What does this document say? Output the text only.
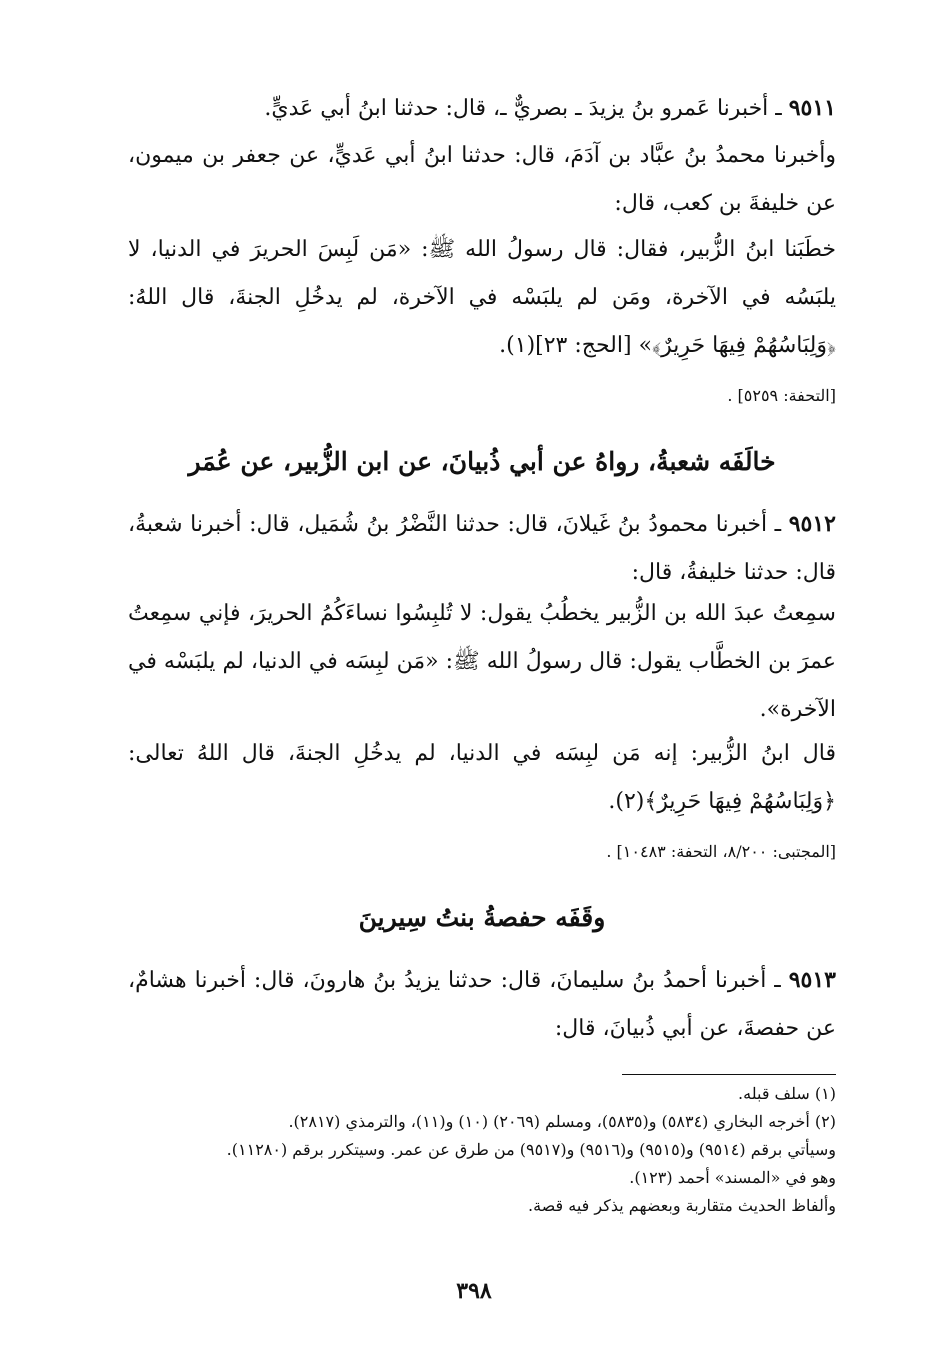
٩٥١١ ـ أخبرنا عَمرو بنُ يزيدَ ـ بصريٌّ ـ، قال: حدثنا ابنُ أبي عَديٍّ.
وأخبرنا محمدُ بنُ عبَّاد بن آدَمَ، قال: حدثنا ابنُ أبي عَديٍّ، عن جعفر بن ميمون، عن خليفةَ بن كعب، قال:
خطَبَنا ابنُ الزُّبير، فقال: قال رسولُ الله ﷺ: «مَن لَبِسَ الحريرَ في الدنيا، لا يلبَسُه في الآخرة، ومَن لم يلبَسْه في الآخرة، لم يدخُلِ الجنةَ، قال اللهُ: ﴿وَلِبَاسُهُمْ فِيهَا حَرِيرٌ﴾» [الحج: ٢٣](١).
[التحفة: ٥٢٥٩] .
خالَفَه شعبةُ، رواهُ عن أبي ذُبيانَ، عن ابن الزُّبير، عن عُمَر
٩٥١٢ ـ أخبرنا محمودُ بنُ غَيلانَ، قال: حدثنا النَّضْرُ بنُ شُمَيل، قال: أخبرنا شعبةُ، قال: حدثنا خليفةُ، قال:
سمِعتُ عبدَ الله بن الزُّبير يخطُبُ يقول: لا تُلبِسُوا نساءَكُمُ الحريرَ، فإني سمِعتُ عمرَ بن الخطَّاب يقول: قال رسولُ الله ﷺ: «مَن لبِسَه في الدنيا، لم يلبَسْه في الآخرة».
قال ابنُ الزُّبير: إنه مَن لبِسَه في الدنيا، لم يدخُلِ الجنةَ، قال اللهُ تعالى: ﴿وَلِبَاسُهُمْ فِيهَا حَرِيرٌ﴾(٢).
[المجتبى: ٨/٢٠٠، التحفة: ١٠٤٨٣] .
وقَفَه حفصةُ بنتُ سِيرينَ
٩٥١٣ ـ أخبرنا أحمدُ بنُ سليمانَ، قال: حدثنا يزيدُ بنُ هارونَ، قال: أخبرنا هشامٌ، عن حفصةَ، عن أبي ذُبيانَ، قال:
(١) سلف قبله.
(٢) أخرجه البخاري (٥٨٣٤) و(٥٨٣٥)، ومسلم (٢٠٦٩) (١٠) و(١١)، والترمذي (٢٨١٧).
وسيأتي برقم (٩٥١٤) و(٩٥١٥) و(٩٥١٦) و(٩٥١٧) من طرق عن عمر. وسيتكرر برقم (١١٢٨٠).
وهو في «المسند» أحمد (١٢٣).
وألفاظ الحديث متقاربة وبعضهم يذكر فيه قصة.
٣٩٨
